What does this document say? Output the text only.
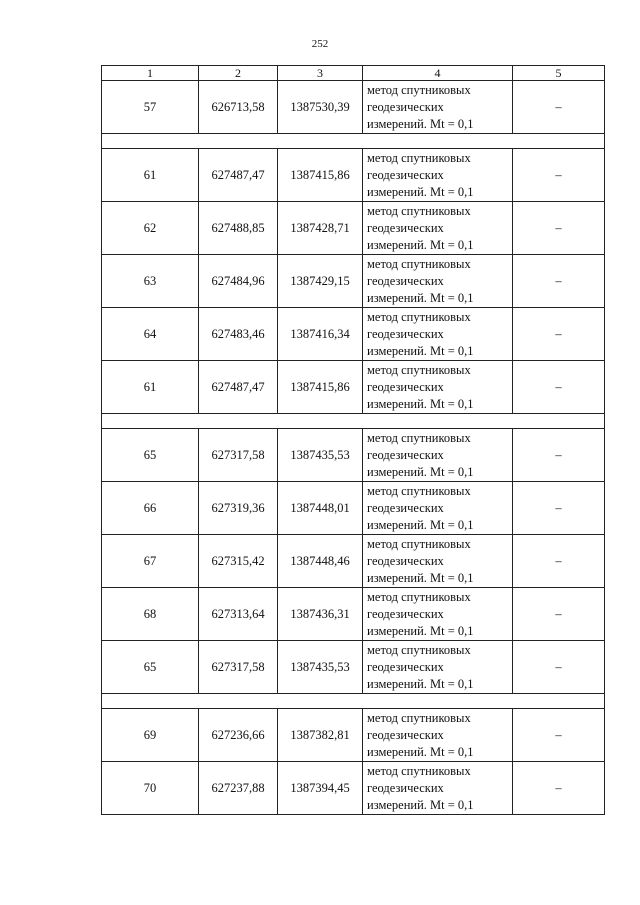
252
1	2	3	4	5
57	626713,58	1387530,39	метод спутниковых
геодезических
измерений. Mt = 0,1	–

61	627487,47	1387415,86	метод спутниковых
геодезических
измерений. Mt = 0,1	–
62	627488,85	1387428,71	метод спутниковых
геодезических
измерений. Mt = 0,1	–
63	627484,96	1387429,15	метод спутниковых
геодезических
измерений. Mt = 0,1	–
64	627483,46	1387416,34	метод спутниковых
геодезических
измерений. Mt = 0,1	–
61	627487,47	1387415,86	метод спутниковых
геодезических
измерений. Mt = 0,1	–

65	627317,58	1387435,53	метод спутниковых
геодезических
измерений. Mt = 0,1	–
66	627319,36	1387448,01	метод спутниковых
геодезических
измерений. Mt = 0,1	–
67	627315,42	1387448,46	метод спутниковых
геодезических
измерений. Mt = 0,1	–
68	627313,64	1387436,31	метод спутниковых
геодезических
измерений. Mt = 0,1	–
65	627317,58	1387435,53	метод спутниковых
геодезических
измерений. Mt = 0,1	–

69	627236,66	1387382,81	метод спутниковых
геодезических
измерений. Mt = 0,1	–
70	627237,88	1387394,45	метод спутниковых
геодезических
измерений. Mt = 0,1	–
